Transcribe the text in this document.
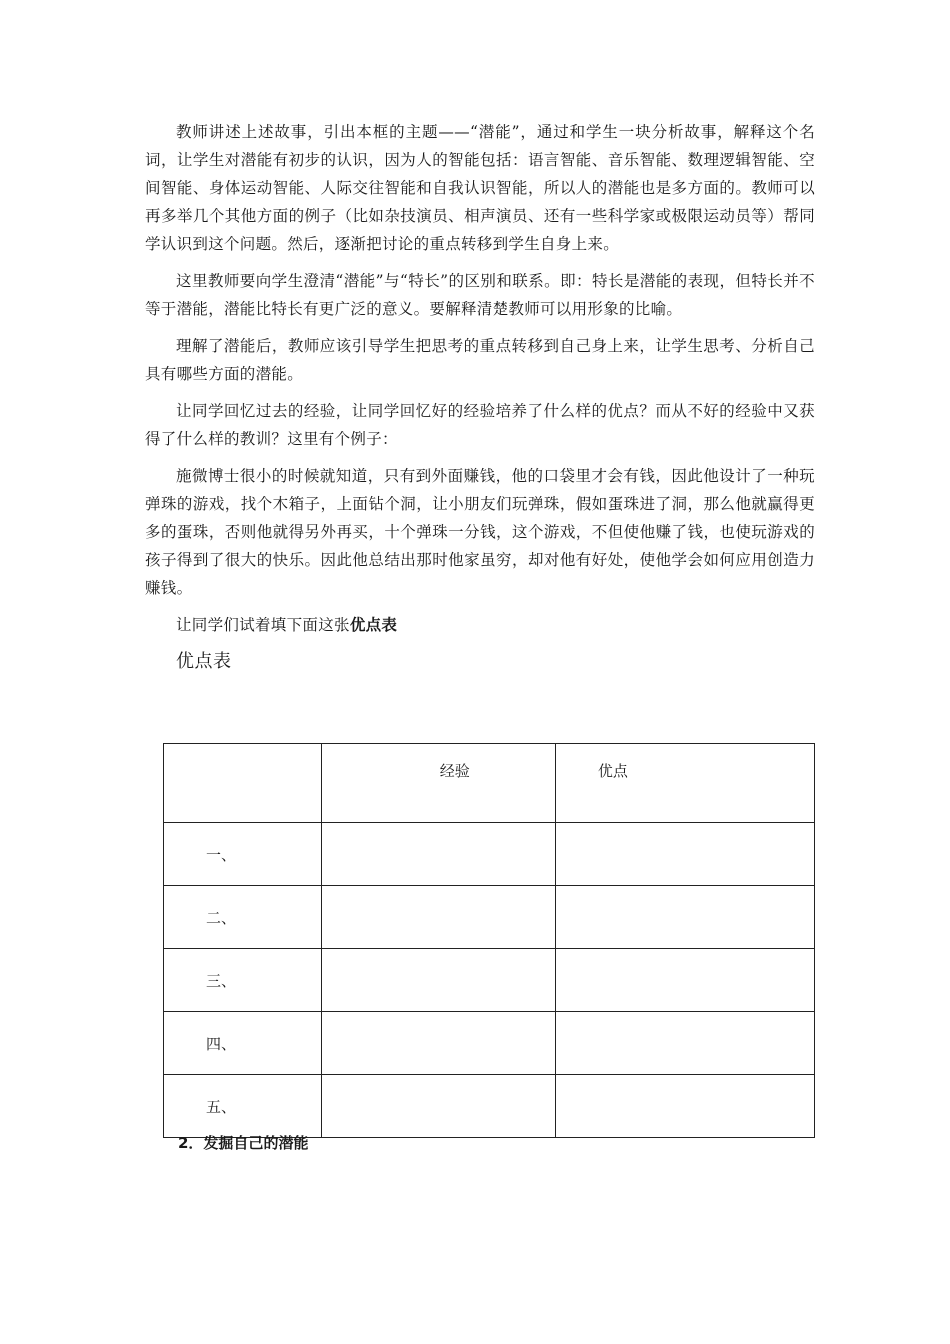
教师讲述上述故事，引出本框的主题——“潜能”，通过和学生一块分析故事，解释这个名词，让学生对潜能有初步的认识，因为人的智能包括：语言智能、音乐智能、数理逻辑智能、空间智能、身体运动智能、人际交往智能和自我认识智能，所以人的潜能也是多方面的。教师可以再多举几个其他方面的例子（比如杂技演员、相声演员、还有一些科学家或极限运动员等）帮同学认识到这个问题。然后，逐渐把讨论的重点转移到学生自身上来。

这里教师要向学生澄清“潜能”与“特长”的区别和联系。即：特长是潜能的表现，但特长并不等于潜能，潜能比特长有更广泛的意义。要解释清楚教师可以用形象的比喻。

理解了潜能后，教师应该引导学生把思考的重点转移到自己身上来，让学生思考、分析自己具有哪些方面的潜能。

让同学回忆过去的经验，让同学回忆好的经验培养了什么样的优点？而从不好的经验中又获得了什么样的教训？这里有个例子：

施微博士很小的时候就知道，只有到外面赚钱，他的口袋里才会有钱，因此他设计了一种玩弹珠的游戏，找个木箱子，上面钻个洞，让小朋友们玩弹珠，假如蛋珠进了洞，那么他就赢得更多的蛋珠，否则他就得另外再买，十个弹珠一分钱，这个游戏，不但使他赚了钱，也使玩游戏的孩子得到了很大的快乐。因此他总结出那时他家虽穷，却对他有好处，使他学会如何应用创造力赚钱。

让同学们试着填下面这张优点表

优点表
	经验	优点
一、		
二、		
三、		
四、		
五、		
2．发掘自己的潜能
